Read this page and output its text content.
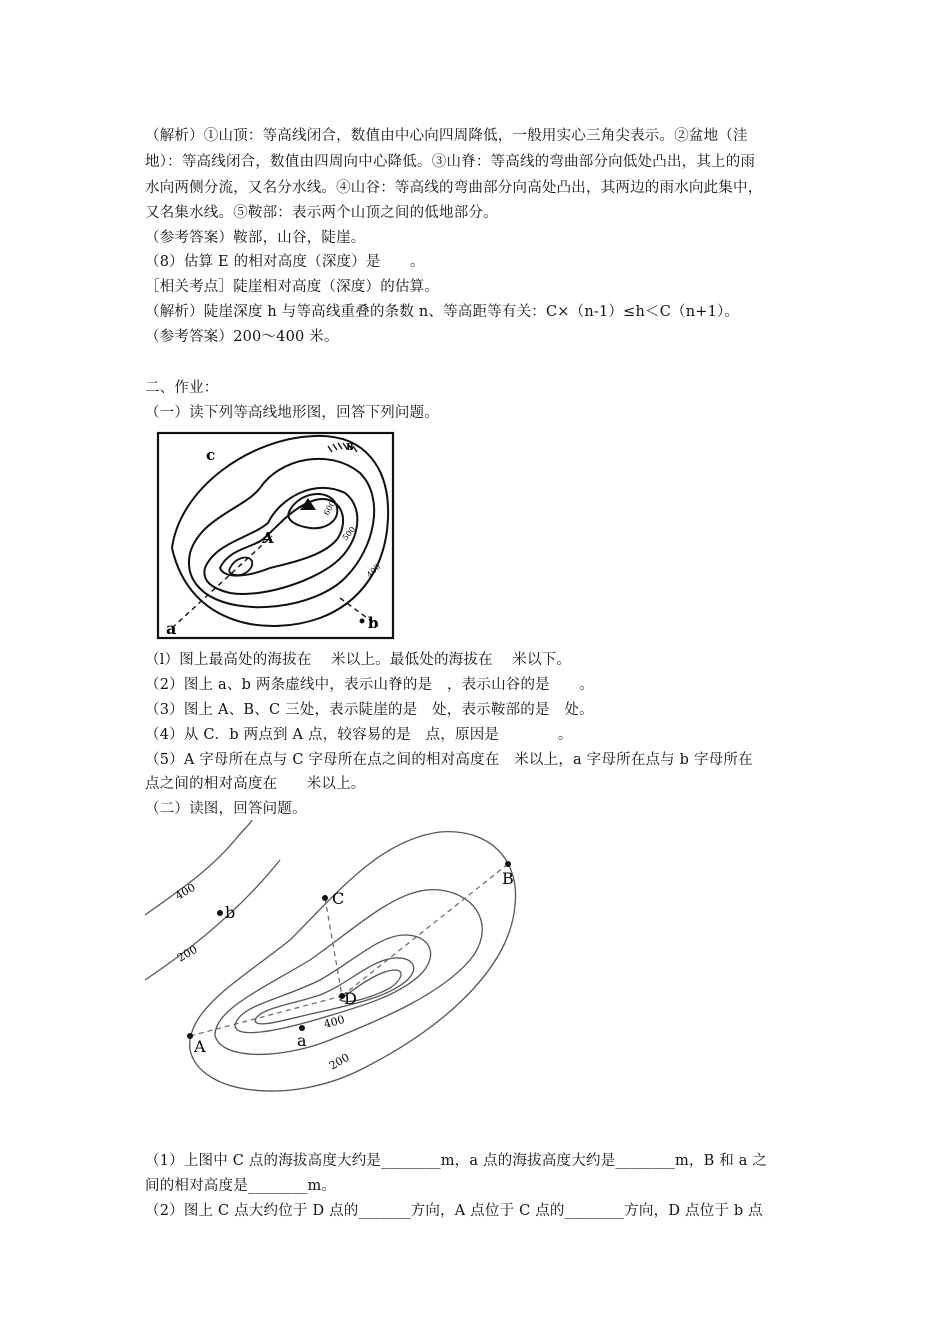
（解析）①山顶：等高线闭合，数值由中心向四周降低，一般用实心三角尖表示。②盆地（洼
地）：等高线闭合，数值由四周向中心降低。③山脊：等高线的弯曲部分向低处凸出，其上的雨
水向两侧分流，又名分水线。④山谷：等高线的弯曲部分向高处凸出，其两边的雨水向此集中，
又名集水线。⑤鞍部：表示两个山顶之间的低地部分。
（参考答案）鞍部，山谷，陡崖。
（8）估算 E 的相对高度（深度）是　　。
［相关考点］陡崖相对高度（深度）的估算。
（解析）陡崖深度 h 与等高线重叠的条数 n、等高距等有关：C×（n-1）≤h＜C（n+1）。
（参考答案）200～400 米。
二、作业：
（一）读下列等高线地形图，回答下列问题。
c	B
A
a	b
600
500
400
（l）图上最高处的海拔在　 米以上。最低处的海拔在　 米以下。
（2）图上 a、b 两条虚线中，表示山脊的是　，表示山谷的是　　。
（3）图上 A、B、C 三处，表示陡崖的是　处，表示鞍部的是　处。
（4）从 C．b 两点到 A 点，较容易的是　点，原因是　　　　。
（5）A 字母所在点与 C 字母所在点之间的相对高度在　米以上，a 字母所在点与 b 字母所在
点之间的相对高度在　　米以上。
（二）读图，回答问题。
A
B
C
D
a
b
400
200
400
200
（1）上图中 C 点的海拔高度大约是________m，a 点的海拔高度大约是________m，B 和 a 之
间的相对高度是________m。
（2）图上 C 点大约位于 D 点的_______方向，A 点位于 C 点的________方向，D 点位于 b 点
